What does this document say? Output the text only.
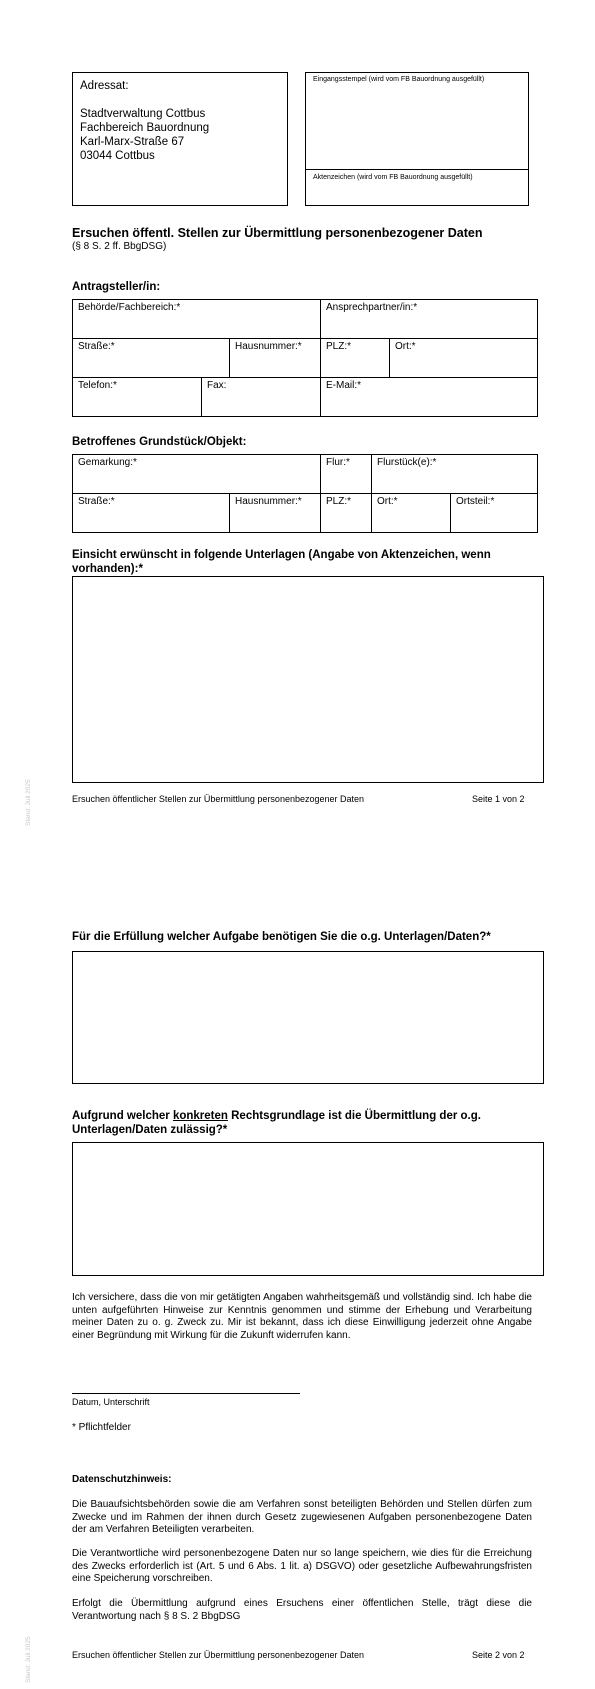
Adressat:
Stadtverwaltung Cottbus
Fachbereich Bauordnung
Karl-Marx-Straße 67
03044 Cottbus
Eingangsstempel (wird vom FB Bauordnung ausgefüllt)
Aktenzeichen (wird vom FB Bauordnung ausgefüllt)
Ersuchen öffentl. Stellen zur Übermittlung personenbezogener Daten
(§ 8 S. 2 ff. BbgDSG)
Antragsteller/in:
Behörde/Fachbereich:*	Ansprechpartner/in:*
Straße:*	Hausnummer:*	PLZ:*	Ort:*
Telefon:*	Fax:	E-Mail:*
Betroffenes Grundstück/Objekt:
Gemarkung:*	Flur:*	Flurstück(e):*
Straße:*	Hausnummer:*	PLZ:*	Ort:*	Ortsteil:*
Einsicht erwünscht in folgende Unterlagen (Angabe von Aktenzeichen, wenn vorhanden):*
Ersuchen öffentlicher Stellen zur Übermittlung personenbezogener Daten	Seite 1 von 2
Stand: Juli 2025
Für die Erfüllung welcher Aufgabe benötigen Sie die o.g. Unterlagen/Daten?*
Aufgrund welcher konkreten Rechtsgrundlage ist die Übermittlung der o.g. Unterlagen/Daten zulässig?*
Ich versichere, dass die von mir getätigten Angaben wahrheitsgemäß und vollständig sind. Ich habe die unten aufgeführten Hinweise zur Kenntnis genommen und stimme der Erhebung und Verarbeitung meiner Daten zu o. g. Zweck zu. Mir ist bekannt, dass ich diese Einwilligung jederzeit ohne Angabe einer Begründung mit Wirkung für die Zukunft widerrufen kann.
Datum, Unterschrift
* Pflichtfelder
Datenschutzhinweis:
Die Bauaufsichtsbehörden sowie die am Verfahren sonst beteiligten Behörden und Stellen dürfen zum Zwecke und im Rahmen der ihnen durch Gesetz zugewiesenen Aufgaben personenbezogene Daten der am Verfahren Beteiligten verarbeiten.
Die Verantwortliche wird personenbezogene Daten nur so lange speichern, wie dies für die Erreichung des Zwecks erforderlich ist (Art. 5 und 6 Abs. 1 lit. a) DSGVO) oder gesetzliche Aufbewahrungsfristen eine Speicherung vorschreiben.
Erfolgt die Übermittlung aufgrund eines Ersuchens einer öffentlichen Stelle, trägt diese die Verantwortung nach § 8 S. 2 BbgDSG
Ersuchen öffentlicher Stellen zur Übermittlung personenbezogener Daten	Seite 2 von 2
Stand: Juli 2025
